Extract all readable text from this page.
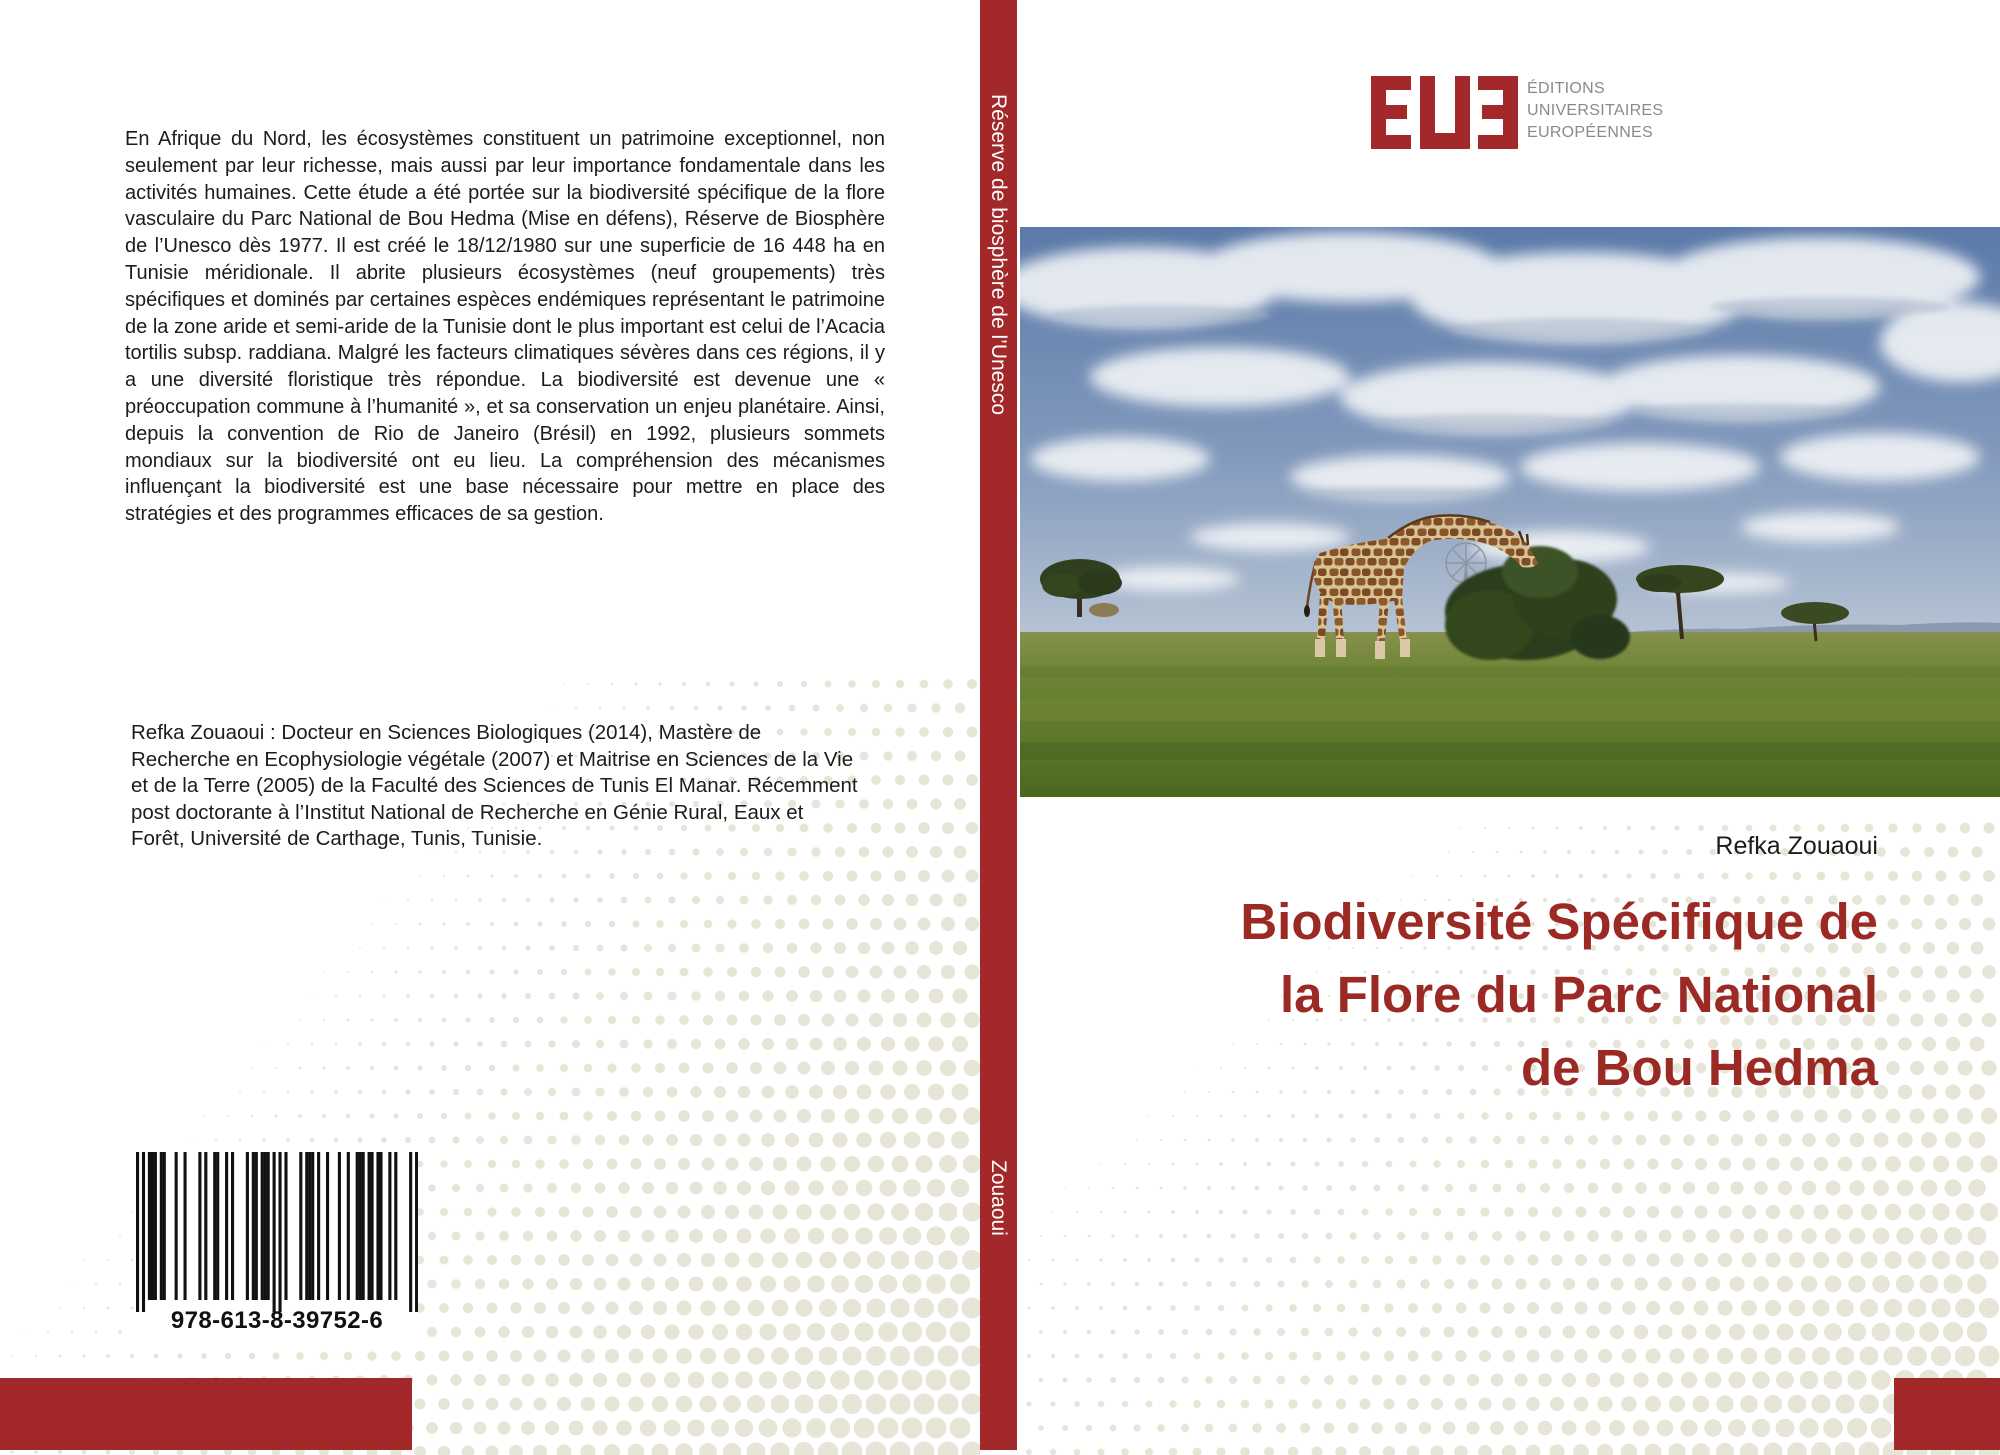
En Afrique du Nord, les écosystèmes constituent un patrimoine exceptionnel, non seulement par leur richesse, mais aussi par leur importance fondamentale dans les activités humaines. Cette étude a été portée sur la biodiversité spécifique de la flore vasculaire du Parc National de Bou Hedma (Mise en défens), Réserve de Biosphère de l’Unesco dès 1977. Il est créé le 18/12/1980 sur une superficie de 16 448 ha en Tunisie méridionale. Il abrite plusieurs écosystèmes (neuf groupements) très spécifiques et dominés par certaines espèces endémiques représentant le patrimoine de la zone aride et semi-aride de la Tunisie dont le plus important est celui de l’Acacia tortilis subsp. raddiana. Malgré les facteurs climatiques sévères dans ces régions, il y a une diversité floristique très répondue. La biodiversité est devenue une « préoccupation commune à l’humanité », et sa conservation un enjeu planétaire. Ainsi, depuis la convention de Rio de Janeiro (Brésil) en 1992, plusieurs sommets mondiaux sur la biodiversité ont eu lieu. La compréhension des mécanismes influençant la biodiversité est une base nécessaire pour mettre en place des stratégies et des programmes efficaces de sa gestion.
Refka Zouaoui : Docteur en Sciences Biologiques (2014), Mastère de Recherche en Ecophysiologie végétale (2007) et Maitrise en Sciences de la Vie et de la Terre (2005) de la Faculté des Sciences de Tunis El Manar. Récemment post doctorante à l’Institut National de Recherche en Génie Rural, Eaux et Forêt, Université de Carthage, Tunis, Tunisie.
978-613-8-39752-6
Réserve de biosphère de l’Unesco
Zouaoui
ÉDITIONS
UNIVERSITAIRES
EUROPÉENNES
Refka Zouaoui
Biodiversité Spécifique de
la Flore du Parc National
de Bou Hedma
